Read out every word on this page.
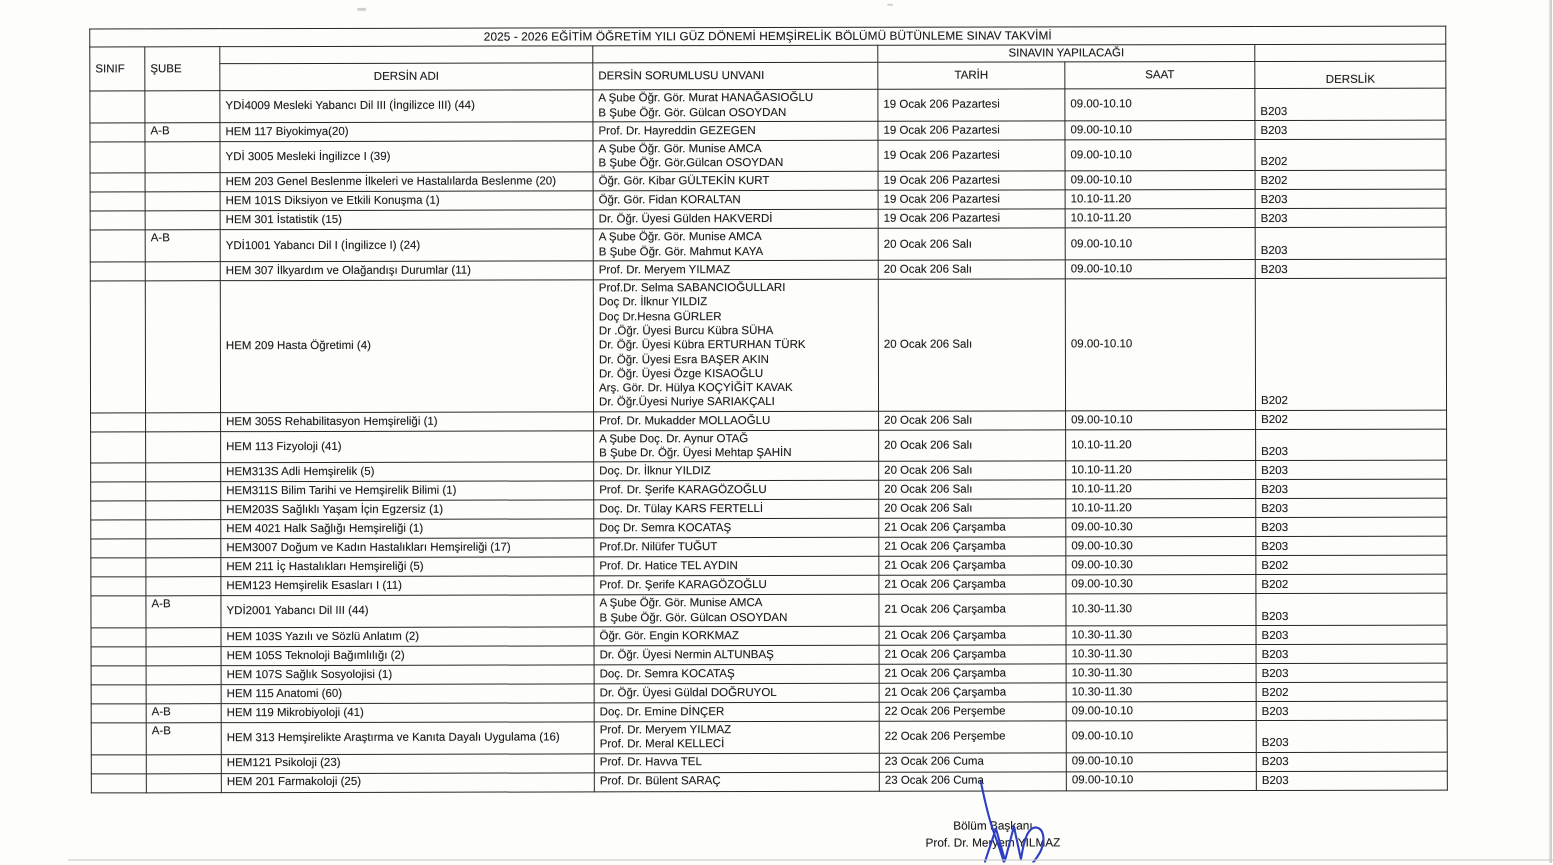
2025 - 2026 EĞİTİM ÖĞRETİM YILI GÜZ DÖNEMİ HEMŞİRELİK BÖLÜMÜ BÜTÜNLEME SINAV TAKVİMİ						
SINIF	ŞUBE			SINAVIN YAPILACAĞI		
		DERSİN ADI	DERSİN SORUMLUSU UNVANI	TARİH	SAAT	DERSLİK
		YDİ4009 Mesleki Yabancı Dil III (İngilizce III) (44)	A Şube Öğr. Gör. Murat HANAĞASIOĞLU
B Şube Öğr. Gör. Gülcan OSOYDAN	19 Ocak 206 Pazartesi	09.00-10.10	B203
	A-B	HEM 117 Biyokimya(20)	Prof. Dr. Hayreddin GEZEGEN	19 Ocak 206 Pazartesi	09.00-10.10	B203
		YDİ 3005 Mesleki İngilizce I (39)	A Şube Öğr. Gör. Munise AMCA
B Şube Öğr. Gör.Gülcan OSOYDAN	19 Ocak 206 Pazartesi	09.00-10.10	B202
		HEM 203 Genel Beslenme İlkeleri ve Hastalılarda Beslenme (20)	Öğr. Gör. Kibar GÜLTEKİN KURT	19 Ocak 206 Pazartesi	09.00-10.10	B202
		HEM 101S Diksiyon ve Etkili Konuşma (1)	Öğr. Gör. Fidan KORALTAN	19 Ocak 206 Pazartesi	10.10-11.20	B203
		HEM 301 İstatistik (15)	Dr. Öğr. Üyesi Gülden HAKVERDİ	19 Ocak 206 Pazartesi	10.10-11.20	B203
	A-B	YDİ1001 Yabancı Dil I (İngilizce I) (24)	A Şube Öğr. Gör. Munise AMCA
B Şube Öğr. Gör. Mahmut KAYA	20 Ocak 206 Salı	09.00-10.10	B203
		HEM 307 İlkyardım ve Olağandışı Durumlar (11)	Prof. Dr. Meryem YILMAZ	20 Ocak 206 Salı	09.00-10.10	B203
		HEM 209 Hasta Öğretimi (4)	Prof.Dr. Selma SABANCIOĞULLARI
Doç Dr. İlknur YILDIZ
Doç Dr.Hesna GÜRLER
Dr .Öğr. Üyesi Burcu Kübra SÜHA
Dr. Öğr. Üyesi Kübra ERTURHAN TÜRK
Dr. Öğr. Üyesi Esra BAŞER AKIN
Dr. Öğr. Üyesi Özge KISAOĞLU
Arş. Gör. Dr. Hülya KOÇYİĞİT KAVAK
Dr. Öğr.Üyesi Nuriye SARIAKÇALI	20 Ocak 206 Salı	09.00-10.10	B202
		HEM 305S Rehabilitasyon Hemşireliği (1)	Prof. Dr. Mukadder MOLLAOĞLU	20 Ocak 206 Salı	09.00-10.10	B202
		HEM 113 Fizyoloji (41)	A Şube Doç. Dr. Aynur OTAĞ
B Şube Dr. Öğr. Üyesi Mehtap ŞAHİN	20 Ocak 206 Salı	10.10-11.20	B203
		HEM313S Adli Hemşirelik (5)	Doç. Dr. İlknur YILDIZ	20 Ocak 206 Salı	10.10-11.20	B203
		HEM311S Bilim Tarihi ve Hemşirelik Bilimi (1)	Prof. Dr. Şerife KARAGÖZOĞLU	20 Ocak 206 Salı	10.10-11.20	B203
		HEM203S Sağlıklı Yaşam İçin Egzersiz (1)	Doç. Dr. Tülay KARS FERTELLİ	20 Ocak 206 Salı	10.10-11.20	B203
		HEM 4021 Halk Sağlığı Hemşireliği (1)	Doç Dr. Semra KOCATAŞ	21 Ocak 206 Çarşamba	09.00-10.30	B203
		HEM3007 Doğum ve Kadın Hastalıkları Hemşireliği (17)	Prof.Dr. Nilüfer TUĞUT	21 Ocak 206 Çarşamba	09.00-10.30	B203
		HEM 211 İç Hastalıkları Hemşireliği (5)	Prof. Dr. Hatice TEL AYDIN	21 Ocak 206 Çarşamba	09.00-10.30	B202
		HEM123 Hemşirelik Esasları I (11)	Prof. Dr. Şerife KARAGÖZOĞLU	21 Ocak 206 Çarşamba	09.00-10.30	B202
	A-B	YDİ2001 Yabancı Dil III (44)	A Şube Öğr. Gör. Munise AMCA
B Şube Öğr. Gör. Gülcan OSOYDAN	21 Ocak 206 Çarşamba	10.30-11.30	B203
		HEM 103S Yazılı ve Sözlü Anlatım (2)	Öğr. Gör. Engin KORKMAZ	21 Ocak 206 Çarşamba	10.30-11.30	B203
		HEM 105S Teknoloji Bağımlılığı (2)	Dr. Öğr. Üyesi Nermin ALTUNBAŞ	21 Ocak 206 Çarşamba	10.30-11.30	B203
		HEM 107S Sağlık Sosyolojisi (1)	Doç. Dr. Semra KOCATAŞ	21 Ocak 206 Çarşamba	10.30-11.30	B203
		HEM 115 Anatomi (60)	Dr. Öğr. Üyesi Güldal DOĞRUYOL	21 Ocak 206 Çarşamba	10.30-11.30	B202
	A-B	HEM 119 Mikrobiyoloji (41)	Doç. Dr. Emine DİNÇER	22 Ocak 206 Perşembe	09.00-10.10	B203
	A-B	HEM 313 Hemşirelikte Araştırma ve Kanıta Dayalı Uygulama (16)	Prof. Dr. Meryem YILMAZ
Prof. Dr. Meral KELLECİ	22 Ocak 206 Perşembe	09.00-10.10	B203
		HEM121 Psikoloji (23)	Prof. Dr. Havva TEL	23 Ocak 206 Cuma	09.00-10.10	B203
		HEM 201 Farmakoloji (25)	Prof. Dr. Bülent SARAÇ	23 Ocak 206 Cuma	09.00-10.10	B203
Bölüm Başkanı
Prof. Dr. Meryem YILMAZ
